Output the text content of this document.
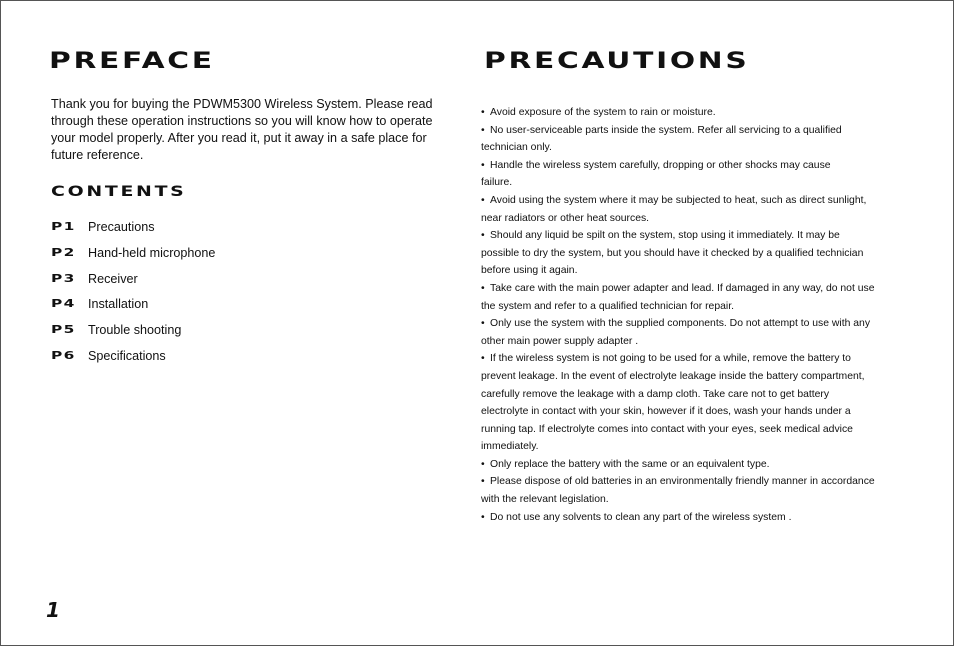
PREFACE

Thank you for buying the PDWM5300 Wireless System. Please read through these operation instructions so you will know how to operate your model properly. After you read it, put it away in a safe place for future reference.

CONTENTS
P1 Precautions
P2 Hand-held microphone
P3 Receiver
P4 Installation
P5 Trouble shooting
P6 Specifications
PRECAUTIONS

• Avoid exposure of the system to rain or moisture.

• No user-serviceable parts inside the system. Refer all servicing to a qualified
technician only.

• Handle the wireless system carefully, dropping or other shocks may cause
failure.

• Avoid using the system where it may be subjected to heat, such as direct sunlight,
near radiators or other heat sources.

• Should any liquid be spilt on the system, stop using it immediately. It may be
possible to dry the system, but you should have it checked by a qualified technician
before using it again.

• Take care with the main power adapter and lead. If damaged in any way, do not use
the system and refer to a qualified technician for repair.

• Only use the system with the supplied components. Do not attempt to use with any
other main power supply adapter .

• If the wireless system is not going to be used for a while, remove the battery to
prevent leakage. In the event of electrolyte leakage inside the battery compartment,
carefully remove the leakage with a damp cloth. Take care not to get battery
electrolyte in contact with your skin, however if it does, wash your hands under a
running tap. If electrolyte comes into contact with your eyes, seek medical advice
immediately.

• Only replace the battery with the same or an equivalent type.

• Please dispose of old batteries in an environmentally friendly manner in accordance
with the relevant legislation.

• Do not use any solvents to clean any part of the wireless system .

1
